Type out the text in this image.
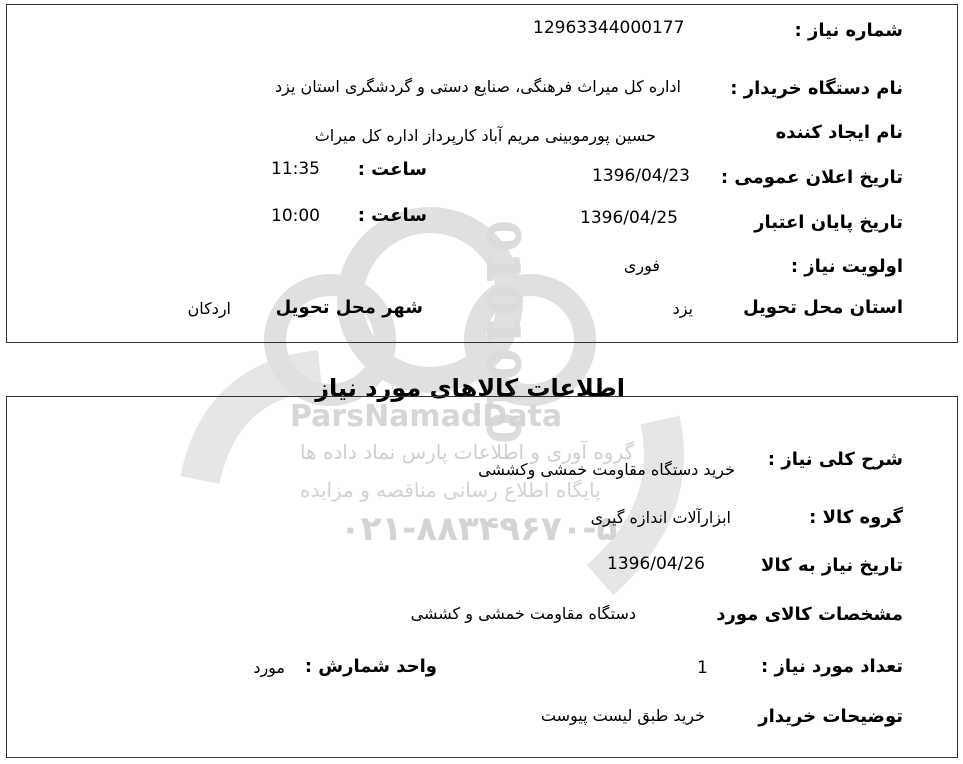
0101010
ParsNamadData
گروه آوری و اطلاعات پارس نماد داده ها
پایگاه اطلاع رسانی مناقصه و مزایده
۰۲۱-۸۸۳۴۹۶۷۰-۵
شماره نیاز :
12963344000177
نام دستگاه خریدار :
اداره کل میراث فرهنگی، صنایع دستی و گردشگری استان یزد
نام ایجاد کننده
حسین پورموبینی مریم آباد کارپرداز اداره کل میراث
تاریخ اعلان عمومی :
1396/04/23
ساعت :
11:35
تاریخ پایان اعتبار
1396/04/25
ساعت :
10:00
اولویت نیاز :
فوری
استان محل تحویل
یزد
شهر محل تحویل
اردکان
اطلاعات کالاهای مورد نیاز
شرح کلی نیاز :
خرید دستگاه مقاومت خمشی وکششی
گروه کالا :
ابزارآلات اندازه گیری
تاریخ نیاز به کالا
1396/04/26
مشخصات کالای مورد
دستگاه مقاومت خمشی و کششی
تعداد مورد نیاز :
1
واحد شمارش :
مورد
توضیحات خریدار
خرید طبق لیست پیوست
